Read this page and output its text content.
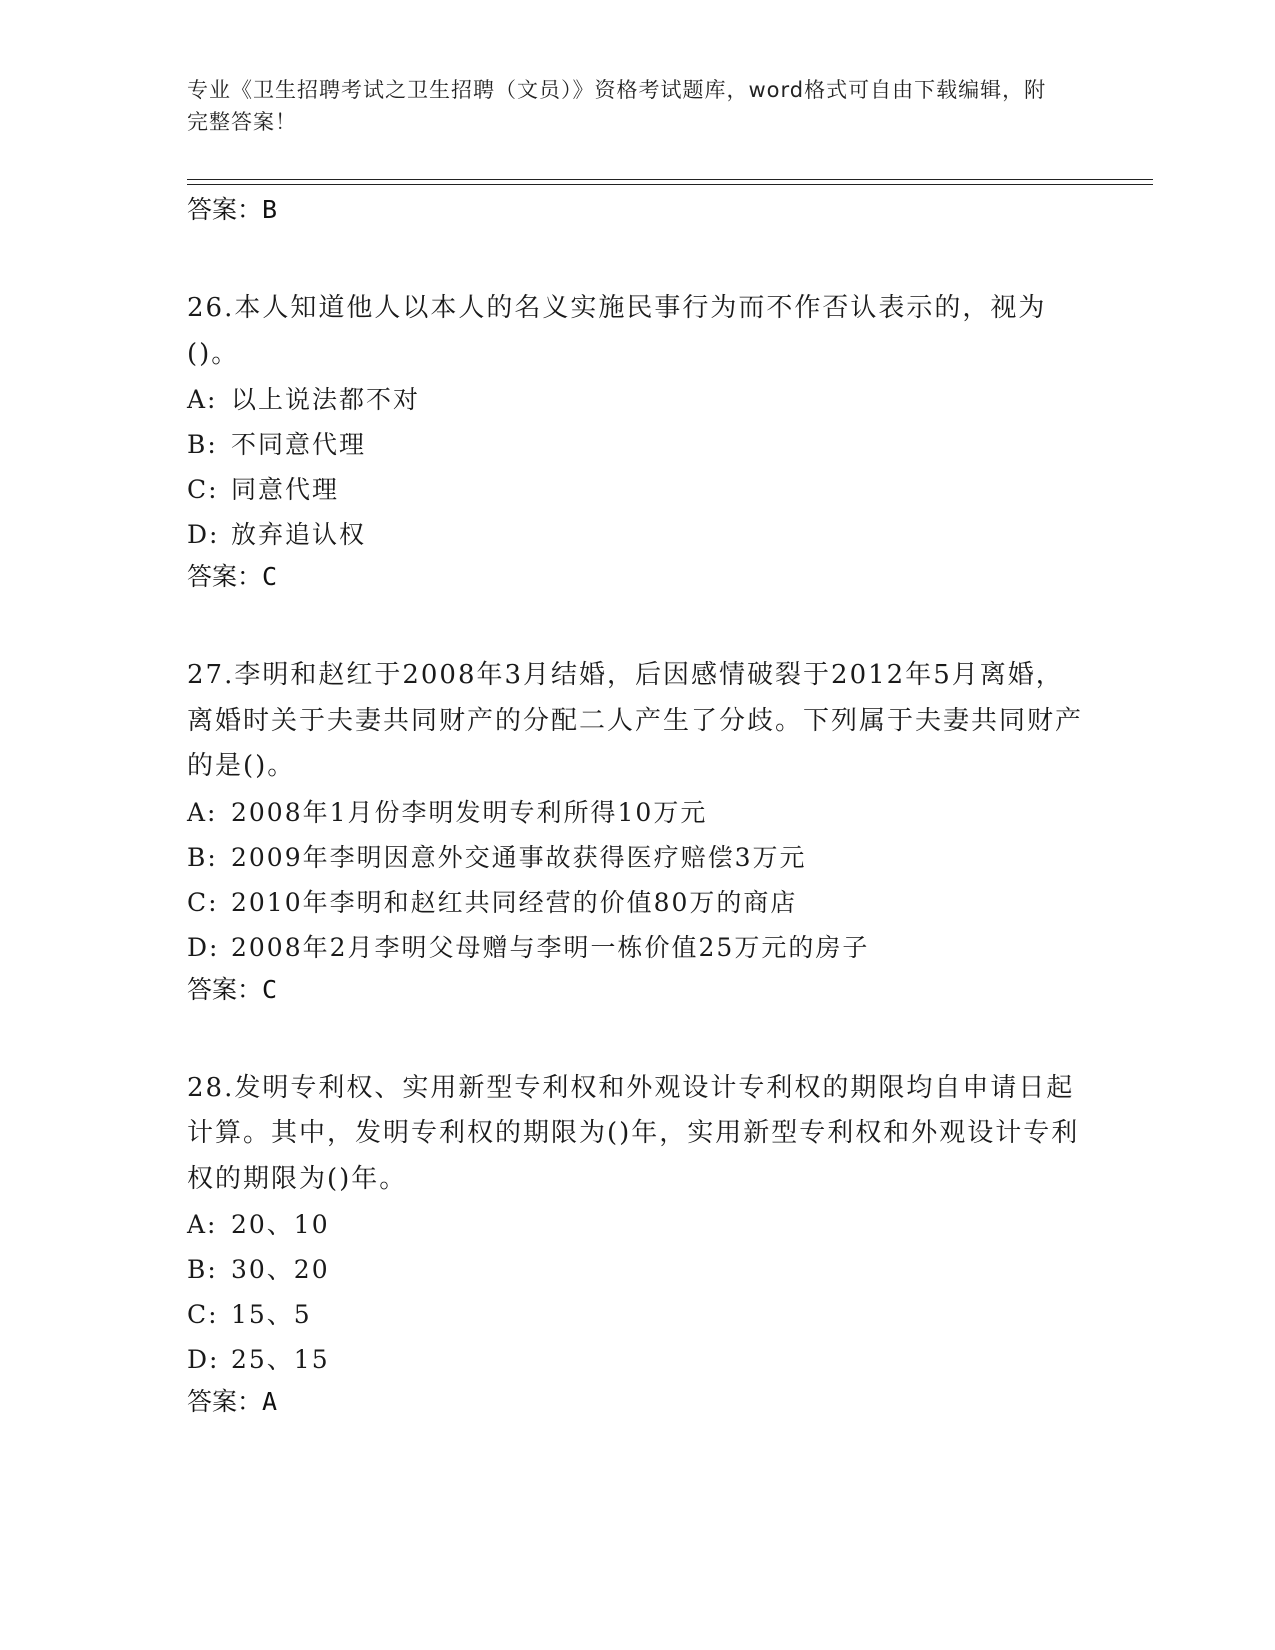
专业《卫生招聘考试之卫生招聘（文员）》资格考试题库，word格式可自由下载编辑，附完整答案！

答案：B

26.本人知道他人以本人的名义实施民事行为而不作否认表示的，视为()。

A: 以上说法都不对
B: 不同意代理
C: 同意代理
D: 放弃追认权

答案：C

27.李明和赵红于2008年3月结婚，后因感情破裂于2012年5月离婚，离婚时关于夫妻共同财产的分配二人产生了分歧。下列属于夫妻共同财产的是()。

A: 2008年1月份李明发明专利所得10万元
B: 2009年李明因意外交通事故获得医疗赔偿3万元
C: 2010年李明和赵红共同经营的价值80万的商店
D: 2008年2月李明父母赠与李明一栋价值25万元的房子

答案：C

28.发明专利权、实用新型专利权和外观设计专利权的期限均自申请日起计算。其中，发明专利权的期限为()年，实用新型专利权和外观设计专利权的期限为()年。

A: 20、10
B: 30、20
C: 15、5
D: 25、15

答案：A
